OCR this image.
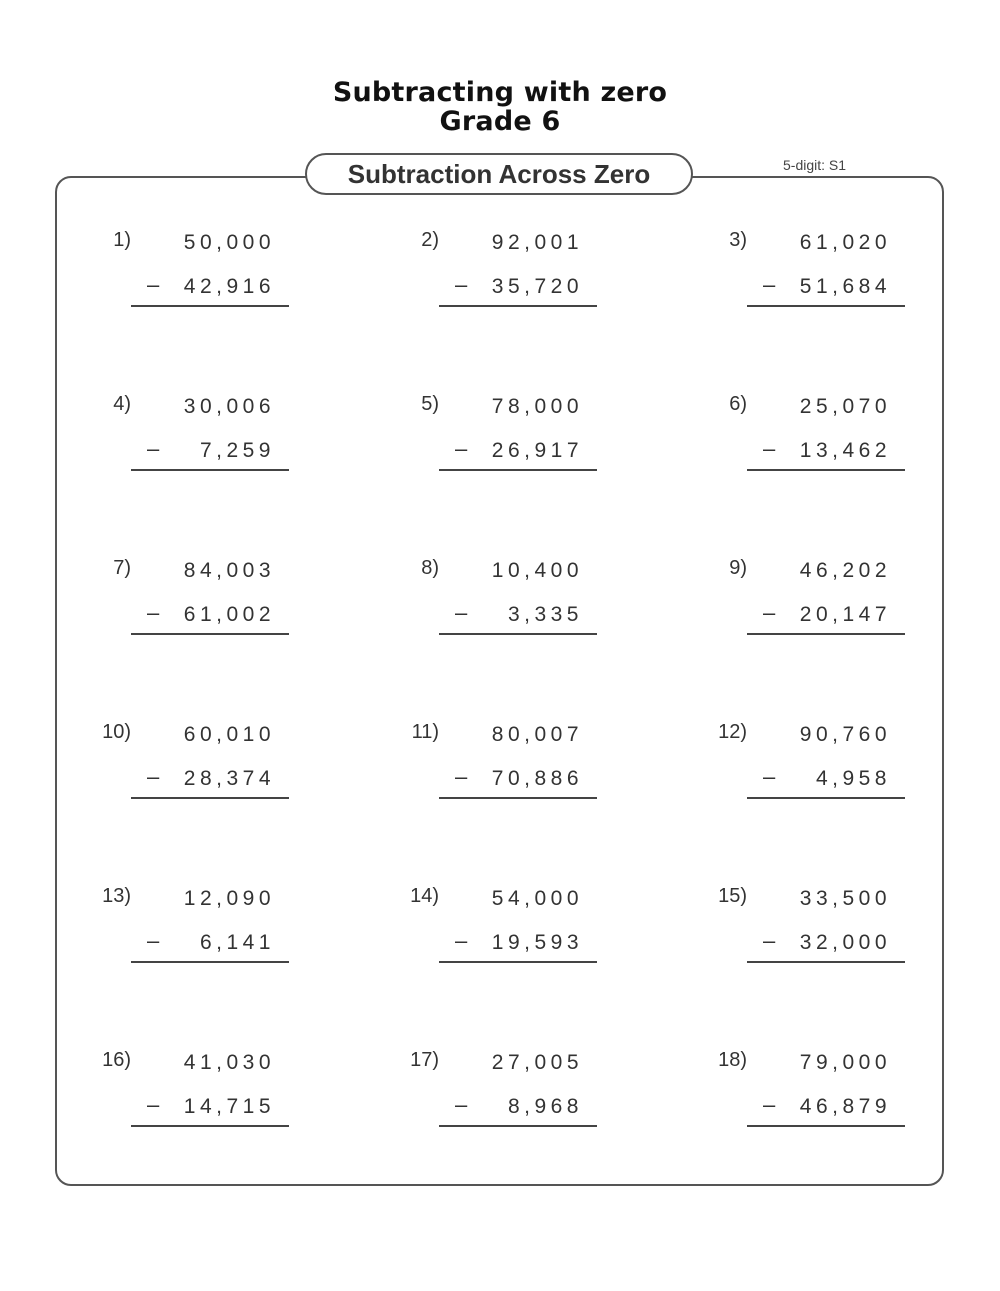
Subtracting with zero
Grade 6
Subtraction Across Zero	5-digit: S1
1)	50,000
– 42,916
2)	92,001
– 35,720
3)	61,020
– 51,684
4)	30,006
– 7,259
5)	78,000
– 26,917
6)	25,070
– 13,462
7)	84,003
– 61,002
8)	10,400
– 3,335
9)	46,202
– 20,147
10)	60,010
– 28,374
11)	80,007
– 70,886
12)	90,760
– 4,958
13)	12,090
– 6,141
14)	54,000
– 19,593
15)	33,500
– 32,000
16)	41,030
– 14,715
17)	27,005
– 8,968
18)	79,000
– 46,879
